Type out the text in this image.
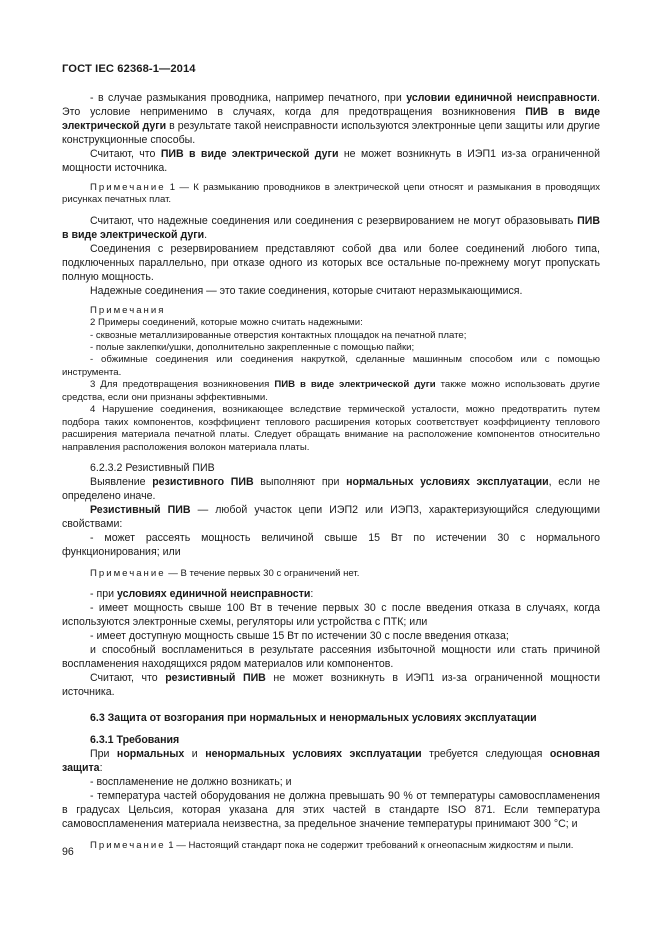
ГОСТ IEC 62368-1—2014

- в случае размыкания проводника, например печатного, при условии единичной неисправности. Это условие неприменимо в случаях, когда для предотвращения возникновения ПИВ в виде электрической дуги в результате такой неисправности используются электронные цепи защиты или другие конструкционные способы.

Считают, что ПИВ в виде электрической дуги не может возникнуть в ИЭП1 из-за ограниченной мощности источника.

Примечание 1 — К размыканию проводников в электрической цепи относят и размыкания в проводящих рисунках печатных плат.

Считают, что надежные соединения или соединения с резервированием не могут образовывать ПИВ в виде электрической дуги.

Соединения с резервированием представляют собой два или более соединений любого типа, подключенных параллельно, при отказе одного из которых все остальные по-прежнему могут пропускать полную мощность.

Надежные соединения — это такие соединения, которые считают неразмыкающимися.

Примечания

2 Примеры соединений, которые можно считать надежными:

- сквозные металлизированные отверстия контактных площадок на печатной плате;

- полые заклепки/ушки, дополнительно закрепленные с помощью пайки;

- обжимные соединения или соединения накруткой, сделанные машинным способом или с помощью инструмента.

3 Для предотвращения возникновения ПИВ в виде электрической дуги также можно использовать другие средства, если они признаны эффективными.

4 Нарушение соединения, возникающее вследствие термической усталости, можно предотвратить путем подбора таких компонентов, коэффициент теплового расширения которых соответствует коэффициенту теплового расширения материала печатной платы. Следует обращать внимание на расположение компонентов относительно направления расположения волокон материала платы.

6.2.3.2 Резистивный ПИВ

Выявление резистивного ПИВ выполняют при нормальных условиях эксплуатации, если не определено иначе.

Резистивный ПИВ — любой участок цепи ИЭП2 или ИЭП3, характеризующийся следующими свойствами:

- может рассеять мощность величиной свыше 15 Вт по истечении 30 с нормального функционирования; или

Примечание — В течение первых 30 с ограничений нет.

- при условиях единичной неисправности:

- имеет мощность свыше 100 Вт в течение первых 30 с после введения отказа в случаях, когда используются электронные схемы, регуляторы или устройства с ПТК; или

- имеет доступную мощность свыше 15 Вт по истечении 30 с после введения отказа;

и способный воспламениться в результате рассеяния избыточной мощности или стать причиной воспламенения находящихся рядом материалов или компонентов.

Считают, что резистивный ПИВ не может возникнуть в ИЭП1 из-за ограниченной мощности источника.

6.3 Защита от возгорания при нормальных и ненормальных условиях эксплуатации

6.3.1 Требования

При нормальных и ненормальных условиях эксплуатации требуется следующая основная защита:

- воспламенение не должно возникать; и

- температура частей оборудования не должна превышать 90 % от температуры самовоспламенения в градусах Цельсия, которая указана для этих частей в стандарте ISO 871. Если температура самовоспламенения материала неизвестна, за предельное значение температуры принимают 300 °С; и

Примечание 1 — Настоящий стандарт пока не содержит требований к огнеопасным жидкостям и пыли.

96
